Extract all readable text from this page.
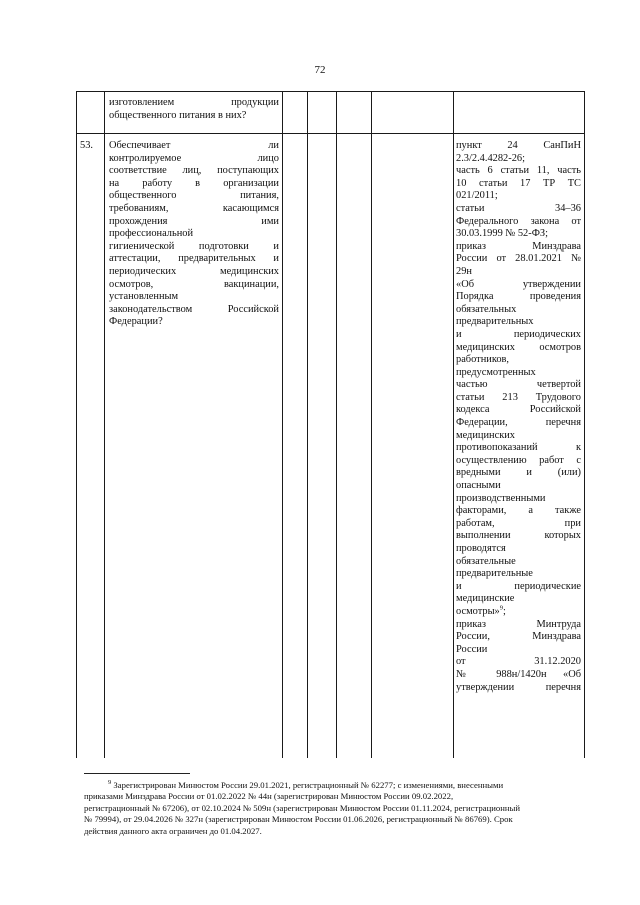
72
изготовлением продукции
общественного питания в них?
53. Обеспечивает ли
контролируемое лицо
соответствие лиц, поступающих
на работу в организации
общественного питания,
требованиям, касающимся
прохождения ими
профессиональной
гигиенической подготовки и
аттестации, предварительных и
периодических медицинских
осмотров, вакцинации,
установленным
законодательством Российской
Федерации?
пункт 24 СанПиН
2.3/2.4.4282-26;
часть 6 статьи 11, часть
10 статьи 17 ТР ТС
021/2011;
статьи 34–36
Федерального закона от
30.03.1999 № 52-ФЗ;
приказ Минздрава
России от 28.01.2021 №
29н
«Об утверждении
Порядка проведения
обязательных
предварительных
и периодических
медицинских осмотров
работников,
предусмотренных
частью четвертой
статьи 213 Трудового
кодекса Российской
Федерации, перечня
медицинских
противопоказаний к
осуществлению работ с
вредными и (или)
опасными
производственными
факторами, а также
работам, при
выполнении которых
проводятся
обязательные
предварительные
и периодические
медицинские
осмотры»$^9$;
приказ Минтруда
России, Минздрава
России
от 31.12.2020
№ 988н/1420н «Об
утверждении перечня
$^9$ Зарегистрирован Минюстом России 29.01.2021, регистрационный № 62277; с изменениями, внесенными
приказами Минздрава России от 01.02.2022 № 44н (зарегистрирован Минюстом России 09.02.2022,
регистрационный № 67206), от 02.10.2024 № 509н (зарегистрирован Минюстом России 01.11.2024, регистрационный
№ 79994), от 29.04.2026 № 327н (зарегистрирован Минюстом России 01.06.2026, регистрационный № 86769). Срок
действия данного акта ограничен до 01.04.2027.
